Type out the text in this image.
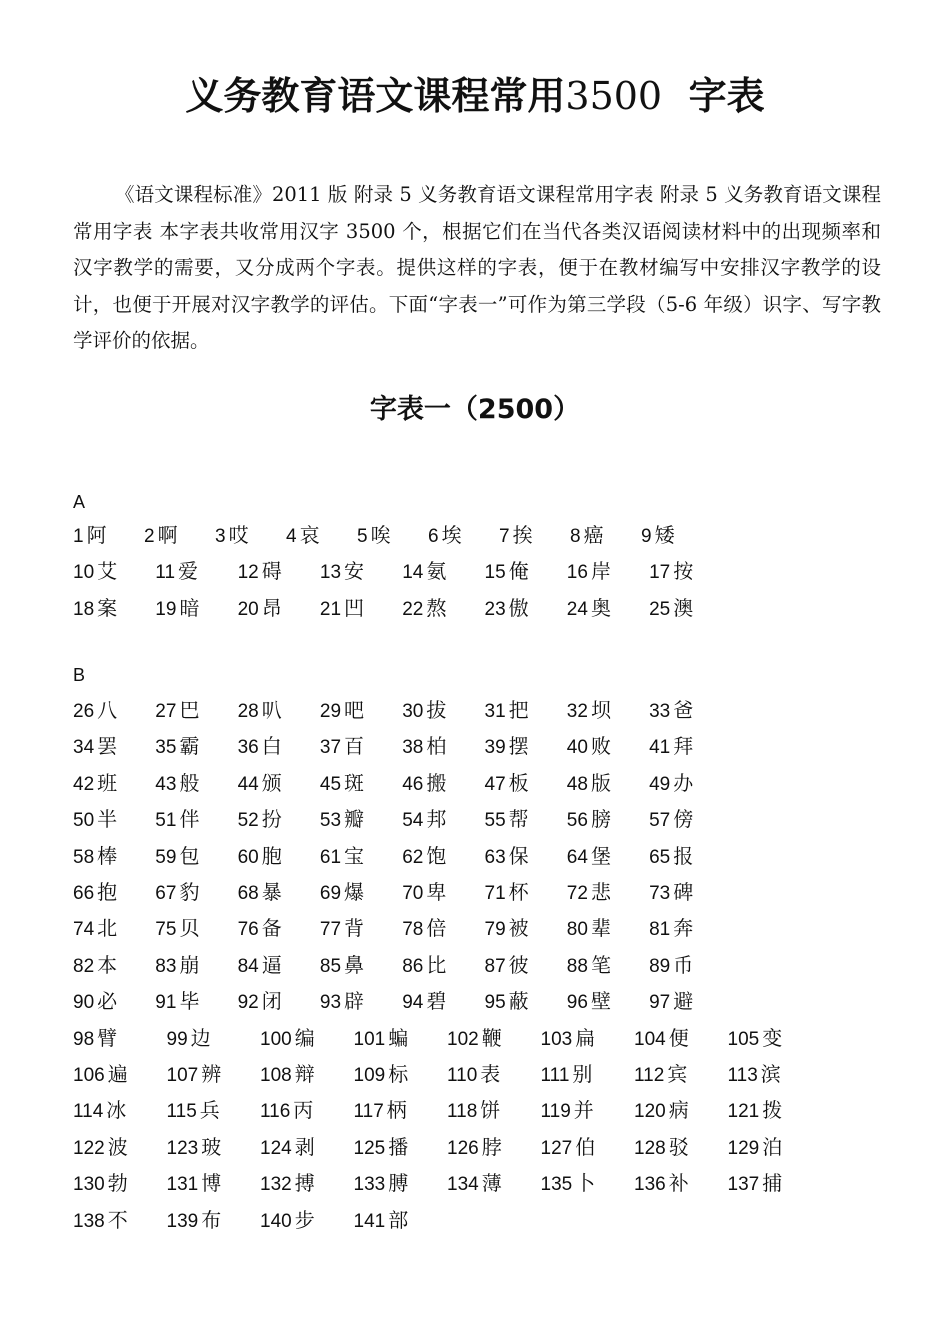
义务教育语文课程常用3500 字表

《语文课程标准》2011 版 附录 5 义务教育语文课程常用字表 附录 5 义务教育语文课程常用字表 本字表共收常用汉字 3500 个，根据它们在当代各类汉语阅读材料中的出现频率和汉字教学的需要，又分成两个字表。提供这样的字表，便于在教材编写中安排汉字教学的设计，也便于开展对汉字教学的评估。下面“字表一”可作为第三学段（5-6 年级）识字、写字教学评价的依据。

字表一（2500）
A
1 阿 2 啊 3 哎 4 哀 5 唉 6 埃 7 挨 8 癌 9 矮
10 艾 11 爱 12 碍 13 安 14 氨 15 俺 16 岸 17 按
18 案 19 暗 20 昂 21 凹 22 熬 23 傲 24 奥 25 澳
B
26 八 27 巴 28 叭 29 吧 30 拔 31 把 32 坝 33 爸
34 罢 35 霸 36 白 37 百 38 柏 39 摆 40 败 41 拜
42 班 43 般 44 颁 45 斑 46 搬 47 板 48 版 49 办
50 半 51 伴 52 扮 53 瓣 54 邦 55 帮 56 膀 57 傍
58 棒 59 包 60 胞 61 宝 62 饱 63 保 64 堡 65 报
66 抱 67 豹 68 暴 69 爆 70 卑 71 杯 72 悲 73 碑
74 北 75 贝 76 备 77 背 78 倍 79 被 80 辈 81 奔
82 本 83 崩 84 逼 85 鼻 86 比 87 彼 88 笔 89 币
90 必 91 毕 92 闭 93 辟 94 碧 95 蔽 96 壁 97 避
98 臂	99 边	100 编 101 蝙 102 鞭 103 扁 104 便 105 变
106 遍 107 辨 108 辩 109 标 110 表 111 别 112 宾 113 滨
114 冰 115 兵 116 丙 117 柄 118 饼 119 并 120 病 121 拨
122 波 123 玻 124 剥 125 播 126 脖 127 伯 128 驳 129 泊
130 勃 131 博 132 搏 133 膊 134 薄 135 卜 136 补 137 捕
138 不 139 布 140 步 141 部
